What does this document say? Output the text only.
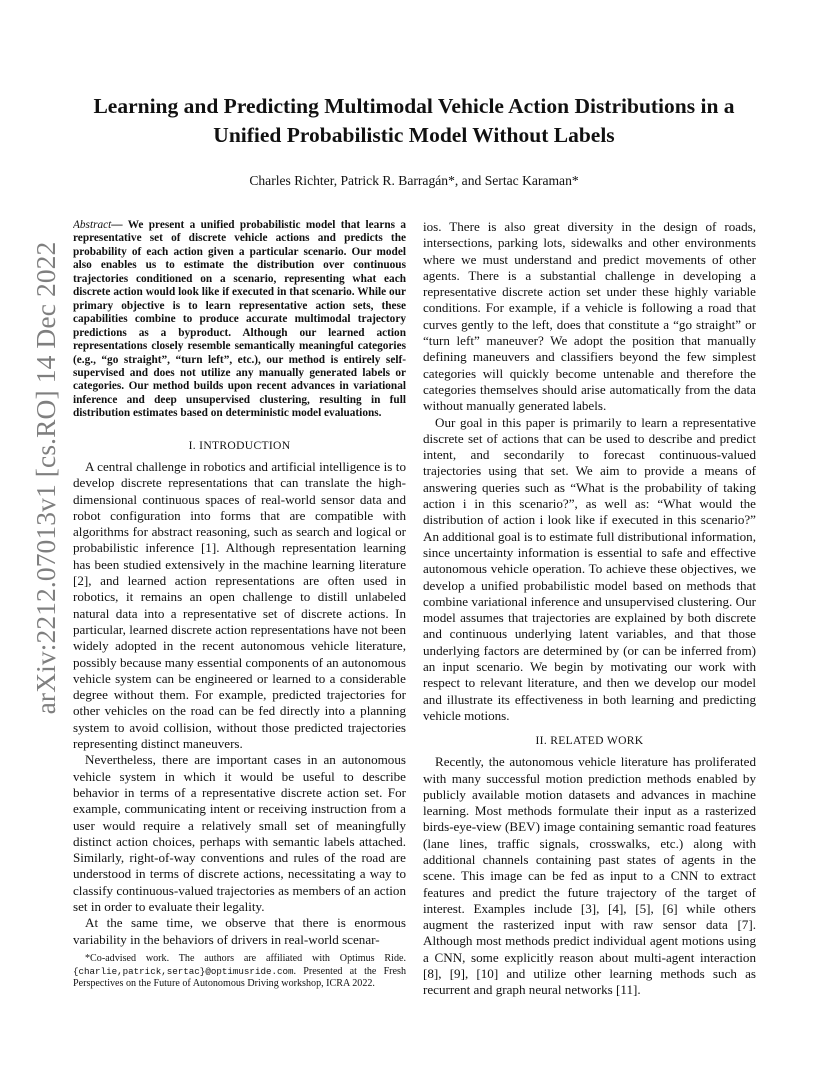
Learning and Predicting Multimodal Vehicle Action Distributions in a
Unified Probabilistic Model Without Labels
Charles Richter, Patrick R. Barragán*, and Sertac Karaman*
arXiv:2212.07013v1 [cs.RO] 14 Dec 2022

Abstract— We present a unified probabilistic model that learns a representative set of discrete vehicle actions and predicts the probability of each action given a particular scenario. Our model also enables us to estimate the distribution over continuous trajectories conditioned on a scenario, representing what each discrete action would look like if executed in that scenario. While our primary objective is to learn representative action sets, these capabilities combine to produce accurate multimodal trajectory predictions as a byproduct. Although our learned action representations closely resemble semantically meaningful categories (e.g., “go straight”, “turn left”, etc.), our method is entirely self-supervised and does not utilize any manually generated labels or categories. Our method builds upon recent advances in variational inference and deep unsupervised clustering, resulting in full distribution estimates based on deterministic model evaluations.

I. INTRODUCTION

A central challenge in robotics and artificial intelligence is to develop discrete representations that can translate the high-dimensional continuous spaces of real-world sensor data and robot configuration into forms that are compatible with algorithms for abstract reasoning, such as search and logical or probabilistic inference [1]. Although representation learning has been studied extensively in the machine learning literature [2], and learned action representations are often used in robotics, it remains an open challenge to distill unlabeled natural data into a representative set of discrete actions. In particular, learned discrete action representations have not been widely adopted in the recent autonomous vehicle literature, possibly because many essential components of an autonomous vehicle system can be engineered or learned to a considerable degree without them. For example, predicted trajectories for other vehicles on the road can be fed directly into a planning system to avoid collision, without those predicted trajectories representing distinct maneuvers.

Nevertheless, there are important cases in an autonomous vehicle system in which it would be useful to describe behavior in terms of a representative discrete action set. For example, communicating intent or receiving instruction from a user would require a relatively small set of meaningfully distinct action choices, perhaps with semantic labels attached. Similarly, right-of-way conventions and rules of the road are understood in terms of discrete actions, necessitating a way to classify continuous-valued trajectories as members of an action set in order to evaluate their legality.

At the same time, we observe that there is enormous variability in the behaviors of drivers in real-world scenar-

*Co-advised work. The authors are affiliated with Optimus Ride. {charlie,patrick,sertac}@optimusride.com. Presented at the Fresh Perspectives on the Future of Autonomous Driving workshop, ICRA 2022.

ios. There is also great diversity in the design of roads, intersections, parking lots, sidewalks and other environments where we must understand and predict movements of other agents. There is a substantial challenge in developing a representative discrete action set under these highly variable conditions. For example, if a vehicle is following a road that curves gently to the left, does that constitute a “go straight” or “turn left” maneuver? We adopt the position that manually defining maneuvers and classifiers beyond the few simplest categories will quickly become untenable and therefore the categories themselves should arise automatically from the data without manually generated labels.

Our goal in this paper is primarily to learn a representative discrete set of actions that can be used to describe and predict intent, and secondarily to forecast continuous-valued trajectories using that set. We aim to provide a means of answering queries such as “What is the probability of taking action i in this scenario?”, as well as: “What would the distribution of action i look like if executed in this scenario?” An additional goal is to estimate full distributional information, since uncertainty information is essential to safe and effective autonomous vehicle operation. To achieve these objectives, we develop a unified probabilistic model based on methods that combine variational inference and unsupervised clustering. Our model assumes that trajectories are explained by both discrete and continuous underlying latent variables, and that those underlying factors are determined by (or can be inferred from) an input scenario. We begin by motivating our work with respect to relevant literature, and then we develop our model and illustrate its effectiveness in both learning and predicting vehicle motions.

II. RELATED WORK

Recently, the autonomous vehicle literature has proliferated with many successful motion prediction methods enabled by publicly available motion datasets and advances in machine learning. Most methods formulate their input as a rasterized birds-eye-view (BEV) image containing semantic road features (lane lines, traffic signals, crosswalks, etc.) along with additional channels containing past states of agents in the scene. This image can be fed as input to a CNN to extract features and predict the future trajectory of the target of interest. Examples include [3], [4], [5], [6] while others augment the rasterized input with raw sensor data [7]. Although most methods predict individual agent motions using a CNN, some explicitly reason about multi-agent interaction [8], [9], [10] and utilize other learning methods such as recurrent and graph neural networks [11].
